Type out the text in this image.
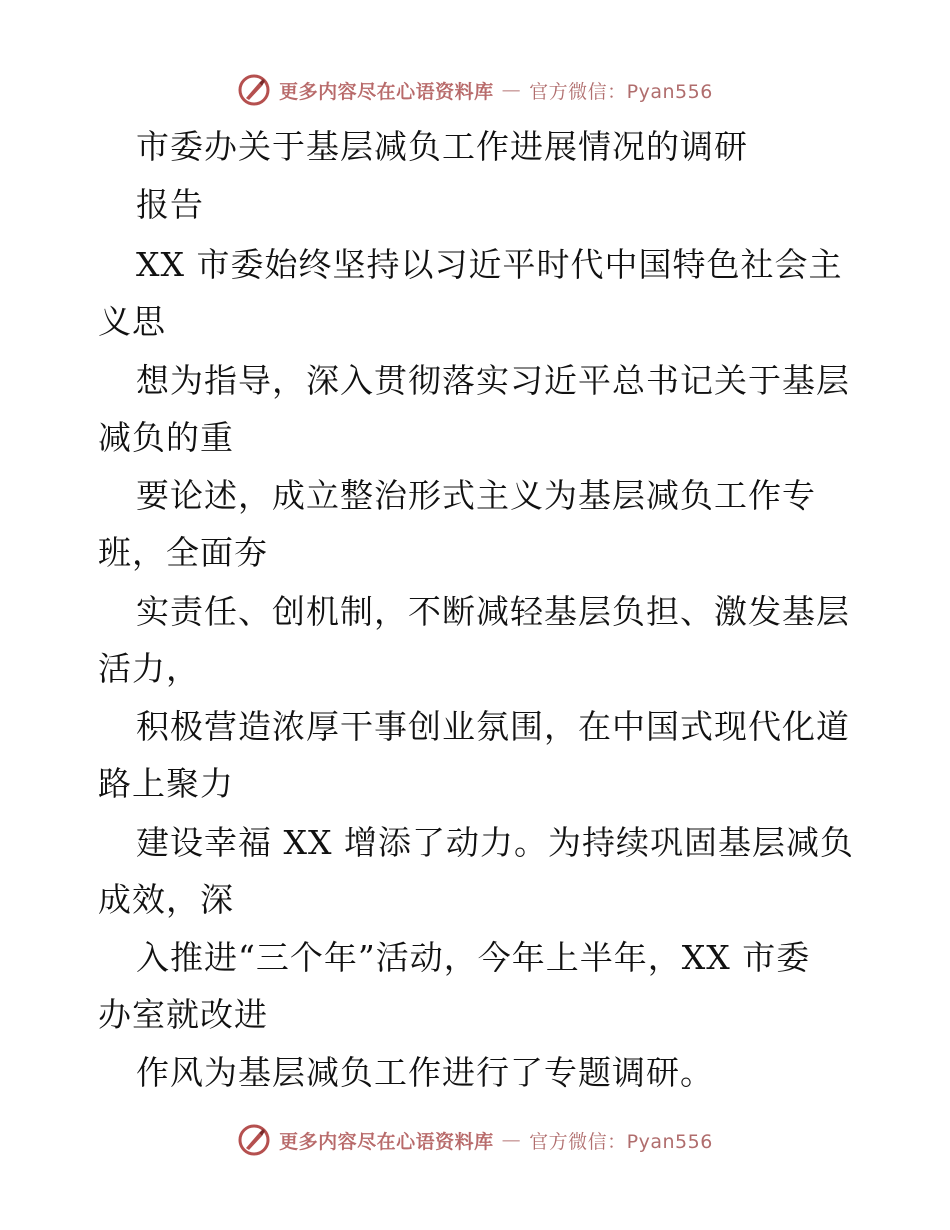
更多内容尽在心语资料库 — 官方微信：Pyan556
市委办关于基层减负工作进展情况的调研
报告
XX 市委始终坚持以习近平时代中国特色社会主
义思
想为指导，深入贯彻落实习近平总书记关于基层
减负的重
要论述，成立整治形式主义为基层减负工作专
班，全面夯
实责任、创机制，不断减轻基层负担、激发基层
活力，
积极营造浓厚干事创业氛围，在中国式现代化道
路上聚力
建设幸福 XX 增添了动力。为持续巩固基层减负
成效，深
入推进“三个年”活动，今年上半年，XX 市委
办室就改进
作风为基层减负工作进行了专题调研。
更多内容尽在心语资料库 — 官方微信：Pyan556
